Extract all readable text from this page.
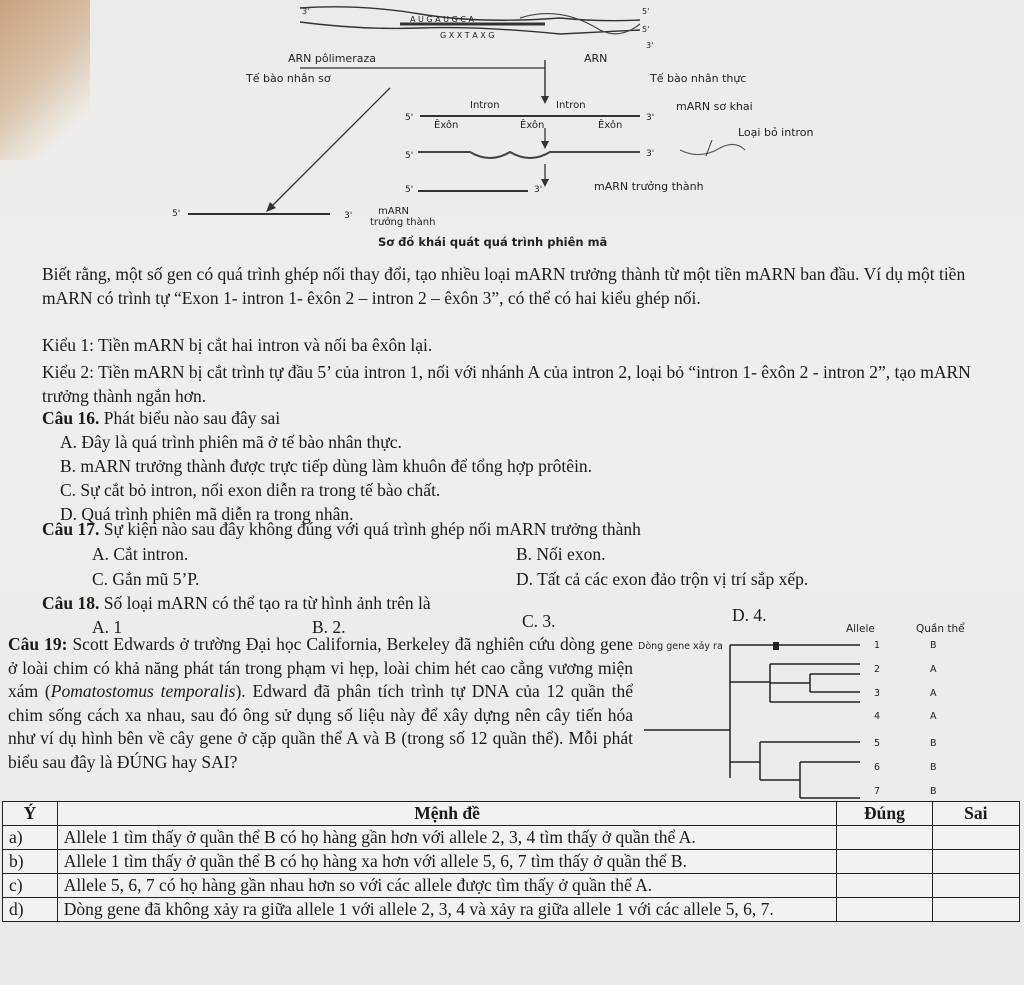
A U G A U G C A
G X X T A X G
3'	5'
5'
3'
ARN pôlimeraza	ARN
Tế bào nhân sơ	Tế bào nhân thực
5'
Intron	Intron
Êxôn	Êxôn	Êxôn
3'
mARN sơ khai
5'	3'
Loại bỏ intron
5'	3'	mARN trưởng thành
5'	3'	mARN
trưởng thành
Sơ đồ khái quát quá trình phiên mã
Biết rằng, một số gen có quá trình ghép nối thay đổi, tạo nhiều loại mARN trưởng thành từ một tiền mARN ban đầu. Ví dụ một tiền mARN có trình tự “Exon 1- intron 1- êxôn 2 – intron 2 – êxôn 3”, có thể có hai kiểu ghép nối.
Kiểu 1: Tiền mARN bị cắt hai intron và nối ba êxôn lại.
Kiểu 2: Tiền mARN bị cắt trình tự đầu 5’ của intron 1, nối với nhánh A của intron 2, loại bỏ “intron 1- êxôn 2 - intron 2”, tạo mARN trưởng thành ngắn hơn.
Câu 16. Phát biểu nào sau đây sai
A. Đây là quá trình phiên mã ở tế bào nhân thực.
B. mARN trưởng thành được trực tiếp dùng làm khuôn để tổng hợp prôtêin.
C. Sự cắt bỏ intron, nối exon diễn ra trong tế bào chất.
D. Quá trình phiên mã diễn ra trong nhân.
Câu 17. Sự kiện nào sau đây không đúng với quá trình ghép nối mARN trưởng thành
A. Cắt intron.	B. Nối exon.
C. Gắn mũ 5’P.	D. Tất cả các exon đảo trộn vị trí sắp xếp.
Câu 18. Số loại mARN có thể tạo ra từ hình ảnh trên là
A. 1	B. 2.	C. 3.	D. 4.
Câu 19: Scott Edwards ở trường Đại học California, Berkeley đã nghiên cứu dòng gene ở loài chim có khả năng phát tán trong phạm vi hẹp, loài chim hét cao cẳng vương miện xám (Pomatostomus temporalis). Edward đã phân tích trình tự DNA của 12 quần thể chim sống cách xa nhau, sau đó ông sử dụng số liệu này để xây dựng nên cây tiến hóa như ví dụ hình bên về cây gene ở cặp quần thể A và B (trong số 12 quần thể). Mỗi phát biểu sau đây là ĐÚNG hay SAI?
Allele	Quần thể
Dòng gene xảy ra	1	B
2	A
3	A
4	A
5	B
6	B
7	B
Ý	Mệnh đề	Đúng	Sai
a)	Allele 1 tìm thấy ở quần thể B có họ hàng gần hơn với allele 2, 3, 4 tìm thấy ở quần thể A.		
b)	Allele 1 tìm thấy ở quần thể B có họ hàng xa hơn với allele 5, 6, 7 tìm thấy ở quần thể B.		
c)	Allele 5, 6, 7 có họ hàng gần nhau hơn so với các allele được tìm thấy ở quần thể A.		
d)	Dòng gene đã không xảy ra giữa allele 1 với allele 2, 3, 4 và xảy ra giữa allele 1 với các allele 5, 6, 7.		
